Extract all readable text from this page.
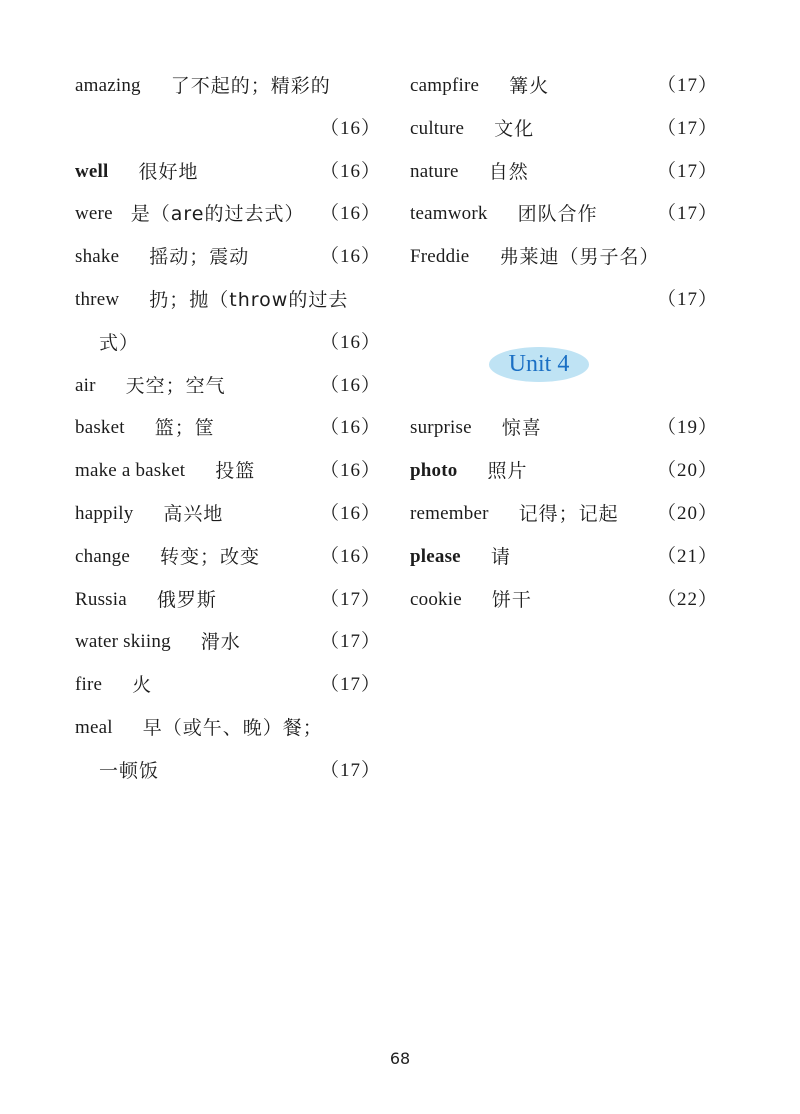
amazing 了不起的；精彩的
（16）
well 很好地	（16）
were 是（are的过去式） （16）
shake 摇动；震动	（16）
threw 扔；抛（throw的过去
式）	（16）
air 天空；空气	（16）
basket 篮；筐	（16）
make a basket 投篮	（16）
happily 高兴地	（16）
change 转变；改变	（16）
Russia 俄罗斯	（17）
water skiing 滑水	（17）
fire 火	（17）
meal 早（或午、晚）餐；
一顿饭	（17）
campfire 篝火	（17）
culture 文化	（17）
nature 自然	（17）
teamwork 团队合作	（17）
Freddie 弗莱迪（男子名）
（17）
Unit 4
surprise 惊喜	（19）
photo 照片	（20）
remember 记得；记起 （20）
please 请	（21）
cookie 饼干	（22）
68
